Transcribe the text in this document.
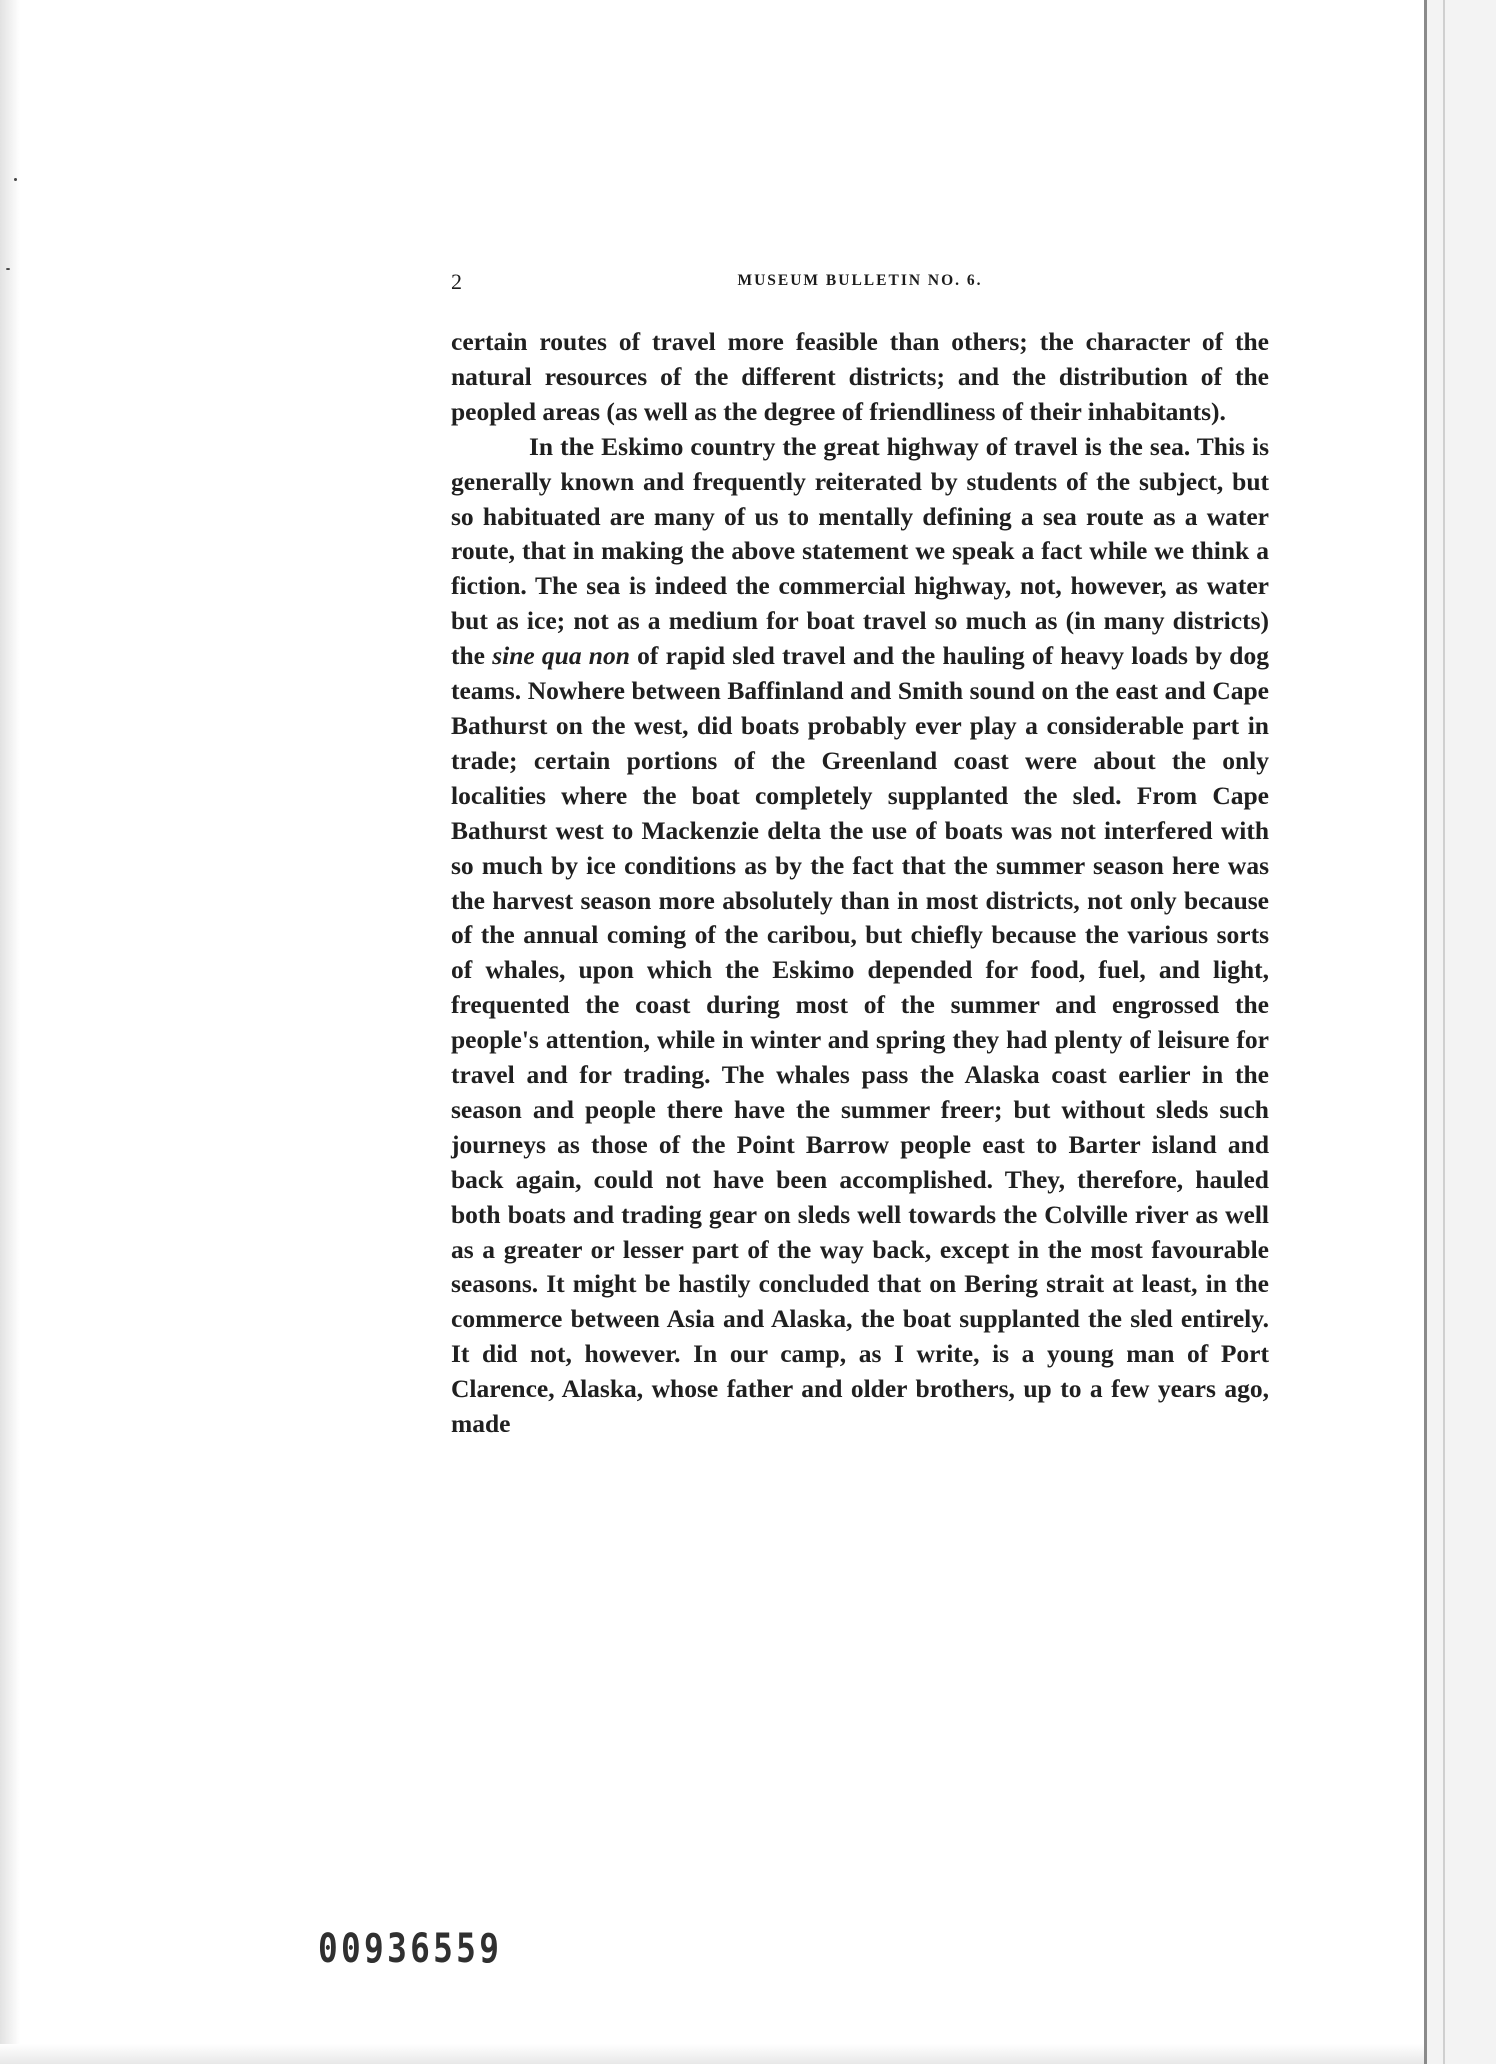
2	MUSEUM BULLETIN NO. 6.

certain routes of travel more feasible than others; the character of the natural resources of the different districts; and the distribution of the peopled areas (as well as the degree of friendliness of their inhabitants).

In the Eskimo country the great highway of travel is the sea. This is generally known and frequently reiterated by students of the subject, but so habituated are many of us to mentally defining a sea route as a water route, that in making the above statement we speak a fact while we think a fiction. The sea is indeed the commercial highway, not, however, as water but as ice; not as a medium for boat travel so much as (in many districts) the sine qua non of rapid sled travel and the hauling of heavy loads by dog teams. Nowhere between Baffinland and Smith sound on the east and Cape Bathurst on the west, did boats probably ever play a considerable part in trade; certain portions of the Greenland coast were about the only localities where the boat completely supplanted the sled. From Cape Bathurst west to Mackenzie delta the use of boats was not interfered with so much by ice conditions as by the fact that the summer season here was the harvest season more absolutely than in most districts, not only because of the annual coming of the caribou, but chiefly because the various sorts of whales, upon which the Eskimo depended for food, fuel, and light, frequented the coast during most of the summer and engrossed the people's attention, while in winter and spring they had plenty of leisure for travel and for trading. The whales pass the Alaska coast earlier in the season and people there have the summer freer; but without sleds such journeys as those of the Point Barrow people east to Barter island and back again, could not have been accomplished. They, therefore, hauled both boats and trading gear on sleds well towards the Colville river as well as a greater or lesser part of the way back, except in the most favourable seasons. It might be hastily concluded that on Bering strait at least, in the commerce between Asia and Alaska, the boat supplanted the sled entirely. It did not, however. In our camp, as I write, is a young man of Port Clarence, Alaska, whose father and older brothers, up to a few years ago, made

00936559
